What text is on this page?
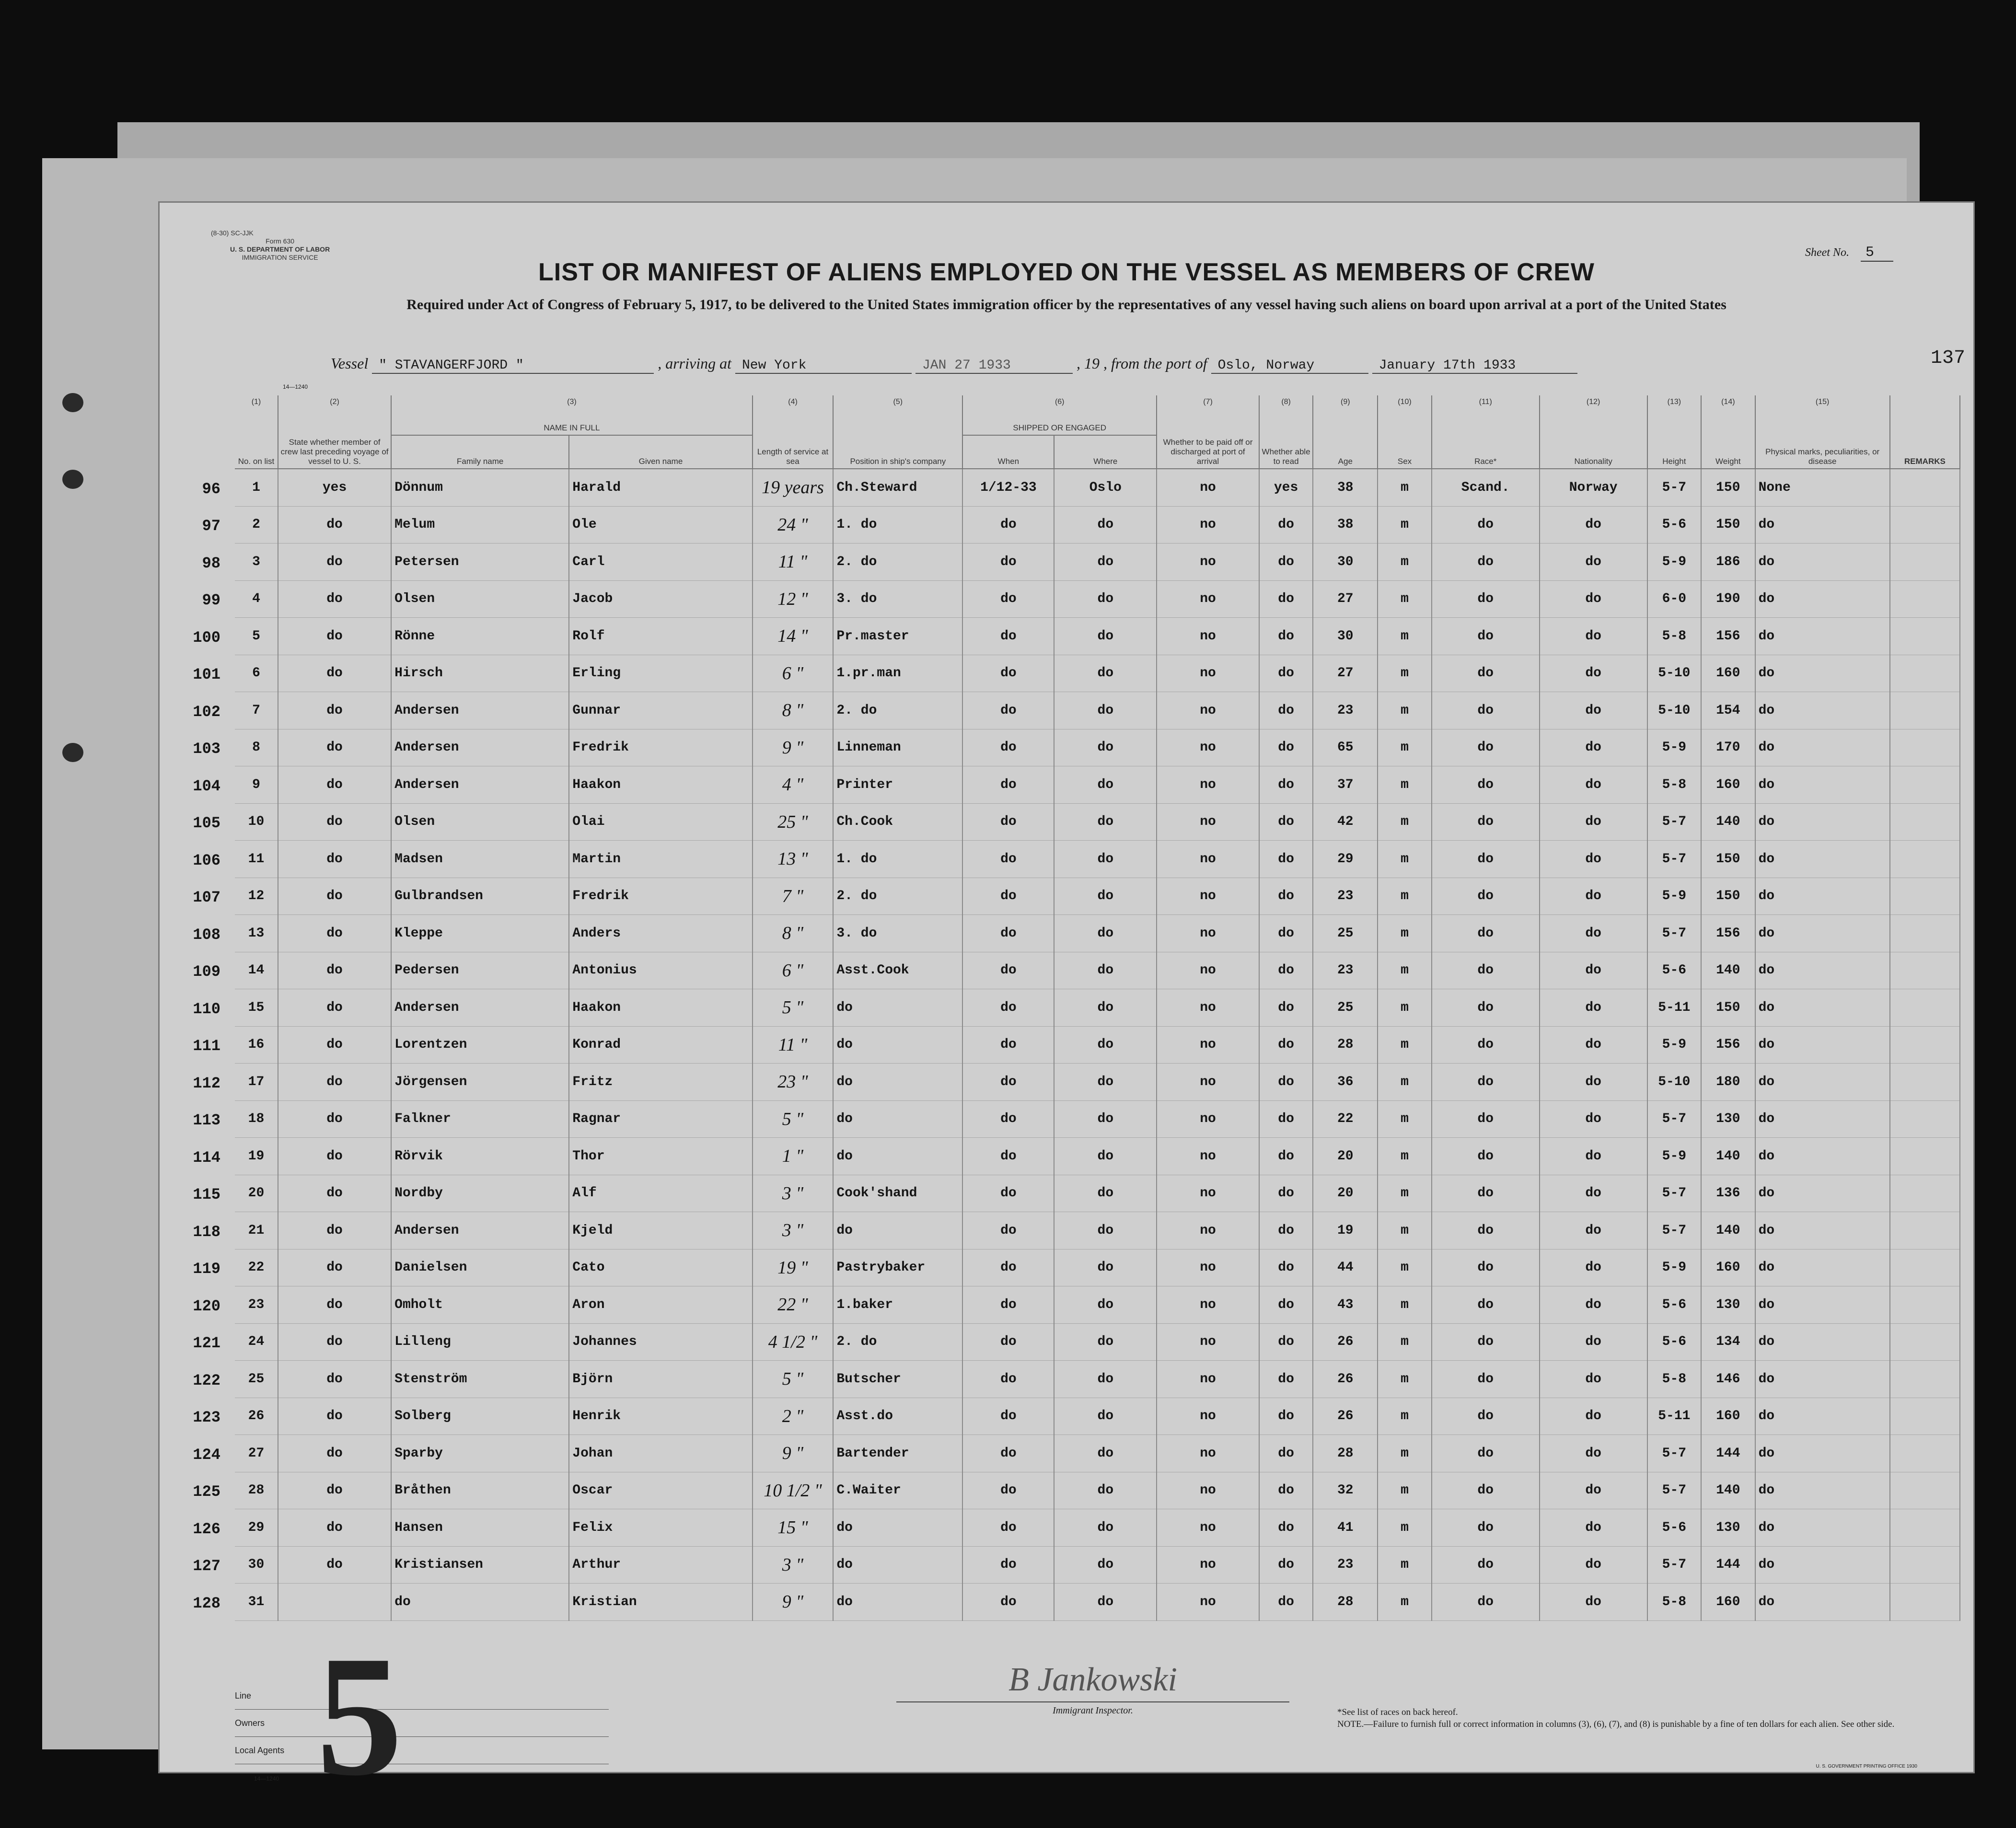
(8-30) SC-JJK
Form 630
U. S. DEPARTMENT OF LABOR
IMMIGRATION SERVICE	Sheet No. 5
LIST OR MANIFEST OF ALIENS EMPLOYED ON THE VESSEL AS MEMBERS OF CREW
Required under Act of Congress of February 5, 1917, to be delivered to the United States immigration officer by the representatives of any vessel having such aliens on board upon arrival at a port of the United States
Vessel " STAVANGERFJORD "	, arriving at New York	JAN 27 1933	, 19 , from the port of Oslo, Norway	January 17th 1933	137
14—1240
(1)	(2)	(3)		(4)	(5)	(6)		(7)	(8)	(9)	(10)	(11)	(12)	(13)	(14)	(15)	
No. on list	State whether member of crew last preceding voyage of vessel to U. S.	NAME IN FULL		Length of service at sea	Position in ship's company	SHIPPED OR ENGAGED		Whether to be paid off or discharged at port of arrival	Whether able to read	Age	Sex	Race*	Nationality	Height	Weight	Physical marks, peculiarities, or disease	REMARKS
		Family name	Given name			When	Where										

96 1	yes	Dönnum	Harald	19 years	Ch.Steward	1/12-33	Oslo	no	yes	38	m	Scand.	Norway	5-7	150	None	

97 2	do	Melum	Ole	24 "	1. do	do	do	no	do	38	m	do	do	5-6	150	do	

98 3	do	Petersen	Carl	11 "	2. do	do	do	no	do	30	m	do	do	5-9	186	do	

99 4	do	Olsen	Jacob	12 "	3. do	do	do	no	do	27	m	do	do	6-0	190	do	

100 5	do	Rönne	Rolf	14 "	Pr.master	do	do	no	do	30	m	do	do	5-8	156	do	

101 6	do	Hirsch	Erling	6 "	1.pr.man	do	do	no	do	27	m	do	do	5-10	160	do	

102 7	do	Andersen	Gunnar	8 "	2. do	do	do	no	do	23	m	do	do	5-10	154	do	

103 8	do	Andersen	Fredrik	9 "	Linneman	do	do	no	do	65	m	do	do	5-9	170	do	

104 9	do	Andersen	Haakon	4 "	Printer	do	do	no	do	37	m	do	do	5-8	160	do	

105 10	do	Olsen	Olai	25 "	Ch.Cook	do	do	no	do	42	m	do	do	5-7	140	do	

106 11	do	Madsen	Martin	13 "	1. do	do	do	no	do	29	m	do	do	5-7	150	do	

107 12	do	Gulbrandsen	Fredrik	7 "	2. do	do	do	no	do	23	m	do	do	5-9	150	do	

108 13	do	Kleppe	Anders	8 "	3. do	do	do	no	do	25	m	do	do	5-7	156	do	

109 14	do	Pedersen	Antonius	6 "	Asst.Cook	do	do	no	do	23	m	do	do	5-6	140	do	

110 15	do	Andersen	Haakon	5 "	do	do	do	no	do	25	m	do	do	5-11	150	do	

111 16	do	Lorentzen	Konrad	11 "	do	do	do	no	do	28	m	do	do	5-9	156	do	

112 17	do	Jörgensen	Fritz	23 "	do	do	do	no	do	36	m	do	do	5-10	180	do	

113 18	do	Falkner	Ragnar	5 "	do	do	do	no	do	22	m	do	do	5-7	130	do	

114 19	do	Rörvik	Thor	1 "	do	do	do	no	do	20	m	do	do	5-9	140	do	

115 20	do	Nordby	Alf	3 "	Cook'shand	do	do	no	do	20	m	do	do	5-7	136	do	

118 21	do	Andersen	Kjeld	3 "	do	do	do	no	do	19	m	do	do	5-7	140	do	

119 22	do	Danielsen	Cato	19 "	Pastrybaker	do	do	no	do	44	m	do	do	5-9	160	do	

120 23	do	Omholt	Aron	22 "	1.baker	do	do	no	do	43	m	do	do	5-6	130	do	

121 24	do	Lilleng	Johannes	4 1/2 "	2. do	do	do	no	do	26	m	do	do	5-6	134	do	

122 25	do	Stenström	Björn	5 "	Butscher	do	do	no	do	26	m	do	do	5-8	146	do	

123 26	do	Solberg	Henrik	2 "	Asst.do	do	do	no	do	26	m	do	do	5-11	160	do	

124 27	do	Sparby	Johan	9 "	Bartender	do	do	no	do	28	m	do	do	5-7	144	do	

125 28	do	Bråthen	Oscar	10 1/2 "	C.Waiter	do	do	no	do	32	m	do	do	5-7	140	do	

126 29	do	Hansen	Felix	15 "	do	do	do	no	do	41	m	do	do	5-6	130	do	

127 30	do	Kristiansen	Arthur	3 "	do	do	do	no	do	23	m	do	do	5-7	144	do	

128 31		do	Kristian	9 "	do	do	do	no	do	28	m	do	do	5-8	160	do	
Line
Owners
Local Agents
14—1240 5	B Jankowski
Immigrant Inspector.	*See list of races on back hereof.
NOTE.—Failure to furnish full or correct information in columns (3), (6), (7), and (8) is punishable by a fine of ten dollars for each alien. See other side.
U. S. GOVERNMENT PRINTING OFFICE 1930
